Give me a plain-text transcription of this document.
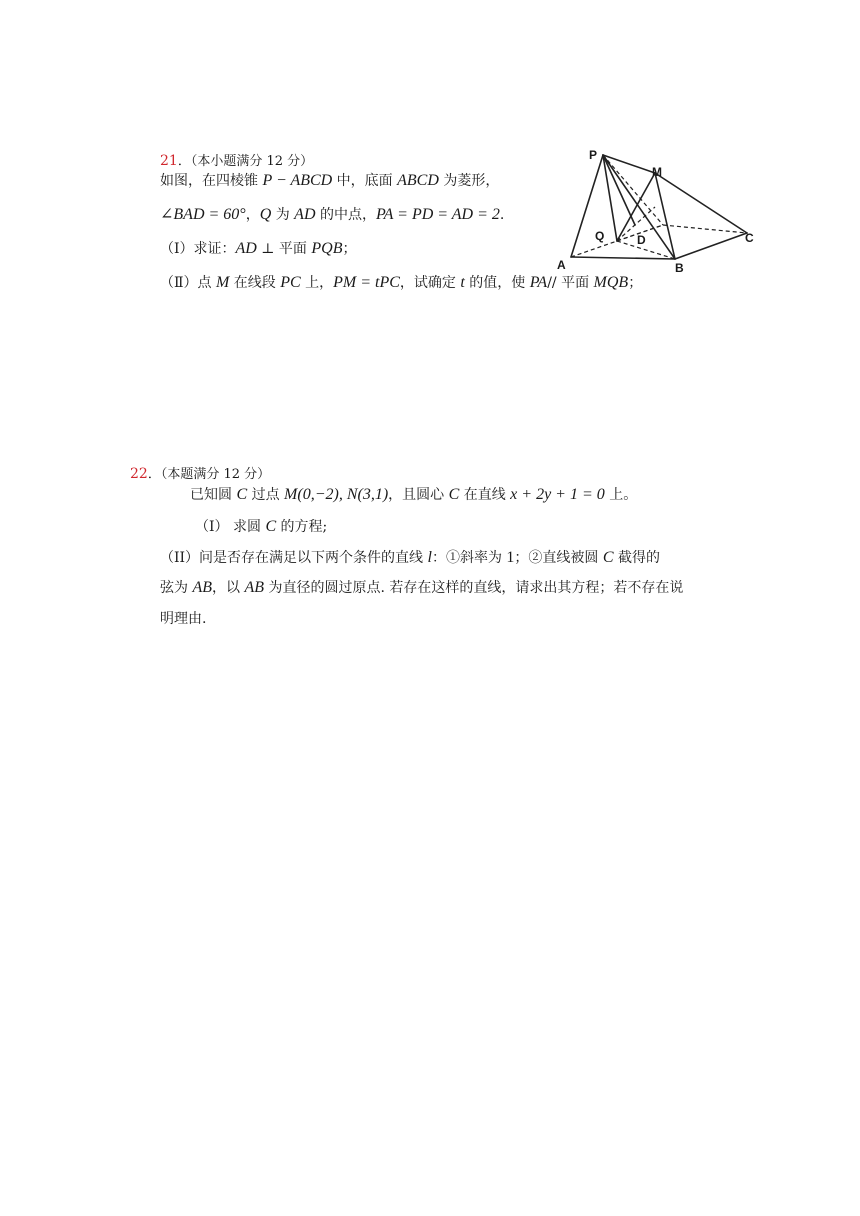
21．（本小题满分 12 分）
如图，在四棱锥 P − ABCD 中，底面 ABCD 为菱形，
∠BAD = 60°，Q 为 AD 的中点，PA = PD = AD = 2.
（Ⅰ）求证：AD ⊥ 平面 PQB；
（Ⅱ）点 M 在线段 PC 上，PM = tPC，试确定 t 的值，使 PA// 平面 MQB；
P
M
Q	D	C
A	B
22．（本题满分 12 分）
已知圆 C 过点 M(0,−2), N(3,1)，且圆心 C 在直线 x + 2y + 1 = 0 上。
（I） 求圆 C 的方程;
（II）问是否存在满足以下两个条件的直线 l：①斜率为 1；②直线被圆 C 截得的
弦为 AB，以 AB 为直径的圆过原点. 若存在这样的直线，请求出其方程；若不存在说
明理由.
